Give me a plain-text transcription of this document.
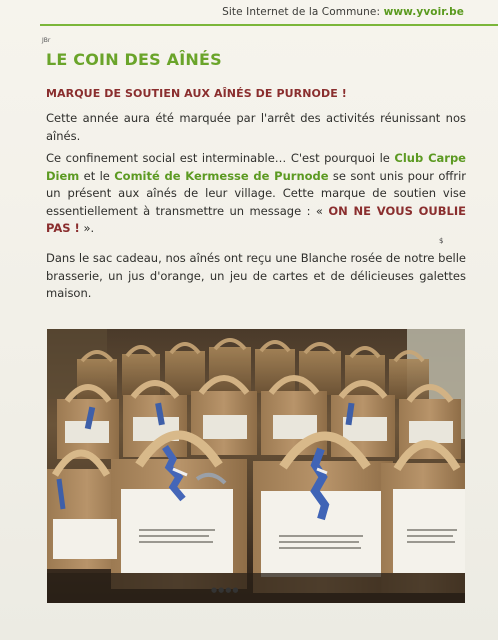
Site Internet de la Commune: www.yvoir.be
JBr
LE COIN DES AÎNÉS
MARQUE DE SOUTIEN AUX AÎNÉS DE PURNODE !

Cette année aura été marquée par l'arrêt des activités réunissant nos aînés.

Ce confinement social est interminable… C'est pourquoi le Club Carpe Diem et le Comité de Kermesse de Purnode se sont unis pour offrir un présent aux aînés de leur village. Cette marque de soutien vise essentiellement à transmettre un message : « ON NE VOUS OUBLIE PAS ! ».

$

Dans le sac cadeau, nos aînés ont reçu une Blanche rosée de notre belle brasserie, un jus d'orange, un jeu de cartes et de délicieuses galettes maison.

●●●●
